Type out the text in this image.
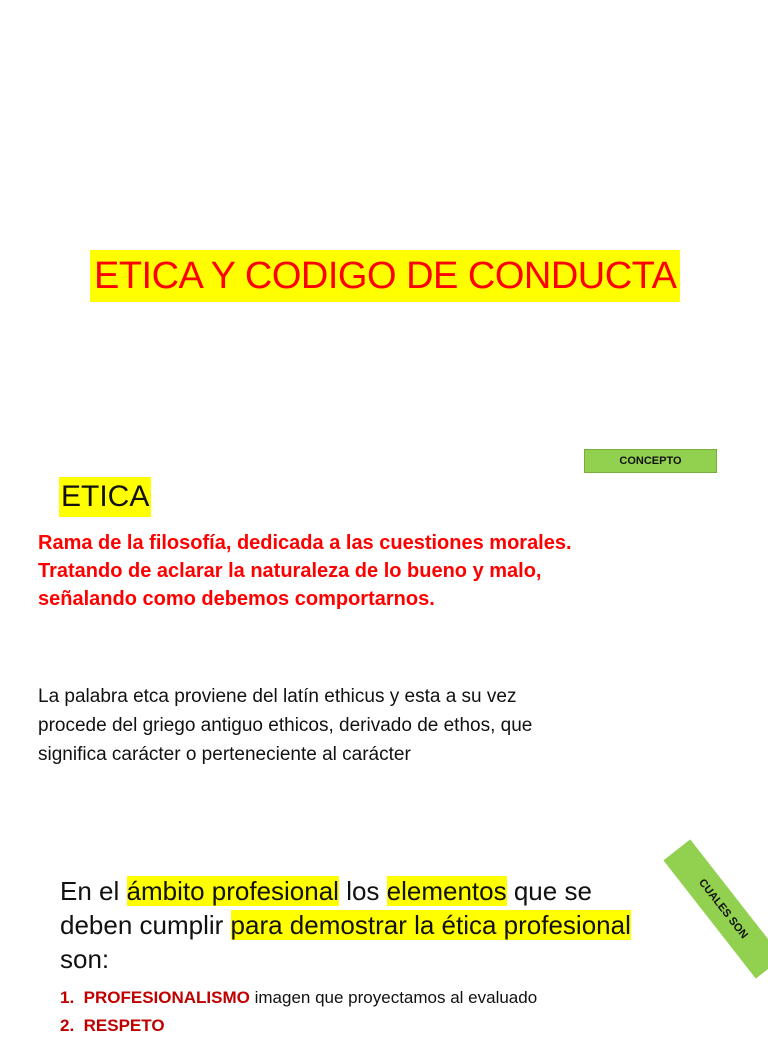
ETICA Y CODIGO DE CONDUCTA
CONCEPTO
ETICA
Rama de la filosofía, dedicada a las cuestiones morales.
Tratando de aclarar la naturaleza de lo bueno y malo,
señalando como debemos comportarnos.
La palabra etca proviene del latín ethicus y esta a su vez
procede del griego antiguo ethicos, derivado de ethos, que
significa carácter o perteneciente al carácter
En el ámbito profesional los elementos que se
deben cumplir para demostrar la ética profesional
son:
CUALES SON
1. PROFESIONALISMO imagen que proyectamos al evaluado
2. RESPETO
